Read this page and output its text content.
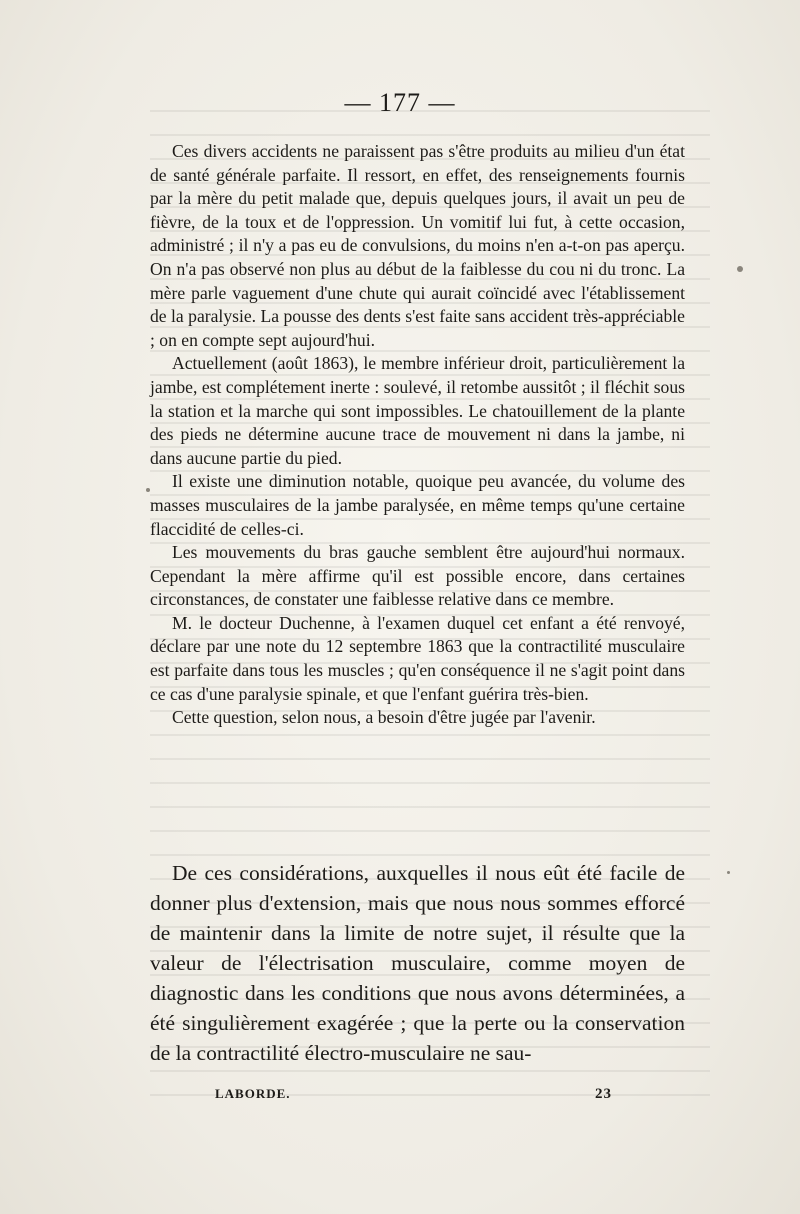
— 177 —

Ces divers accidents ne paraissent pas s'être produits au milieu d'un état de santé générale parfaite. Il ressort, en effet, des renseignements fournis par la mère du petit malade que, depuis quelques jours, il avait un peu de fièvre, de la toux et de l'oppression. Un vomitif lui fut, à cette occasion, administré ; il n'y a pas eu de convulsions, du moins n'en a-t-on pas aperçu. On n'a pas observé non plus au début de la faiblesse du cou ni du tronc. La mère parle vaguement d'une chute qui aurait coïncidé avec l'établissement de la paralysie. La pousse des dents s'est faite sans accident très-appréciable ; on en compte sept aujourd'hui.

Actuellement (août 1863), le membre inférieur droit, particulièrement la jambe, est complétement inerte : soulevé, il retombe aussitôt ; il fléchit sous la station et la marche qui sont impossibles. Le chatouillement de la plante des pieds ne détermine aucune trace de mouvement ni dans la jambe, ni dans aucune partie du pied.

Il existe une diminution notable, quoique peu avancée, du volume des masses musculaires de la jambe paralysée, en même temps qu'une certaine flaccidité de celles-ci.

Les mouvements du bras gauche semblent être aujourd'hui normaux. Cependant la mère affirme qu'il est possible encore, dans certaines circonstances, de constater une faiblesse relative dans ce membre.

M. le docteur Duchenne, à l'examen duquel cet enfant a été renvoyé, déclare par une note du 12 septembre 1863 que la contractilité musculaire est parfaite dans tous les muscles ; qu'en conséquence il ne s'agit point dans ce cas d'une paralysie spinale, et que l'enfant guérira très-bien.

Cette question, selon nous, a besoin d'être jugée par l'avenir.

De ces considérations, auxquelles il nous eût été facile de donner plus d'extension, mais que nous nous sommes efforcé de maintenir dans la limite de notre sujet, il résulte que la valeur de l'électrisation musculaire, comme moyen de diagnostic dans les conditions que nous avons déterminées, a été singulièrement exagérée ; que la perte ou la conservation de la contractilité électro-musculaire ne sau-

LABORDE.	23
